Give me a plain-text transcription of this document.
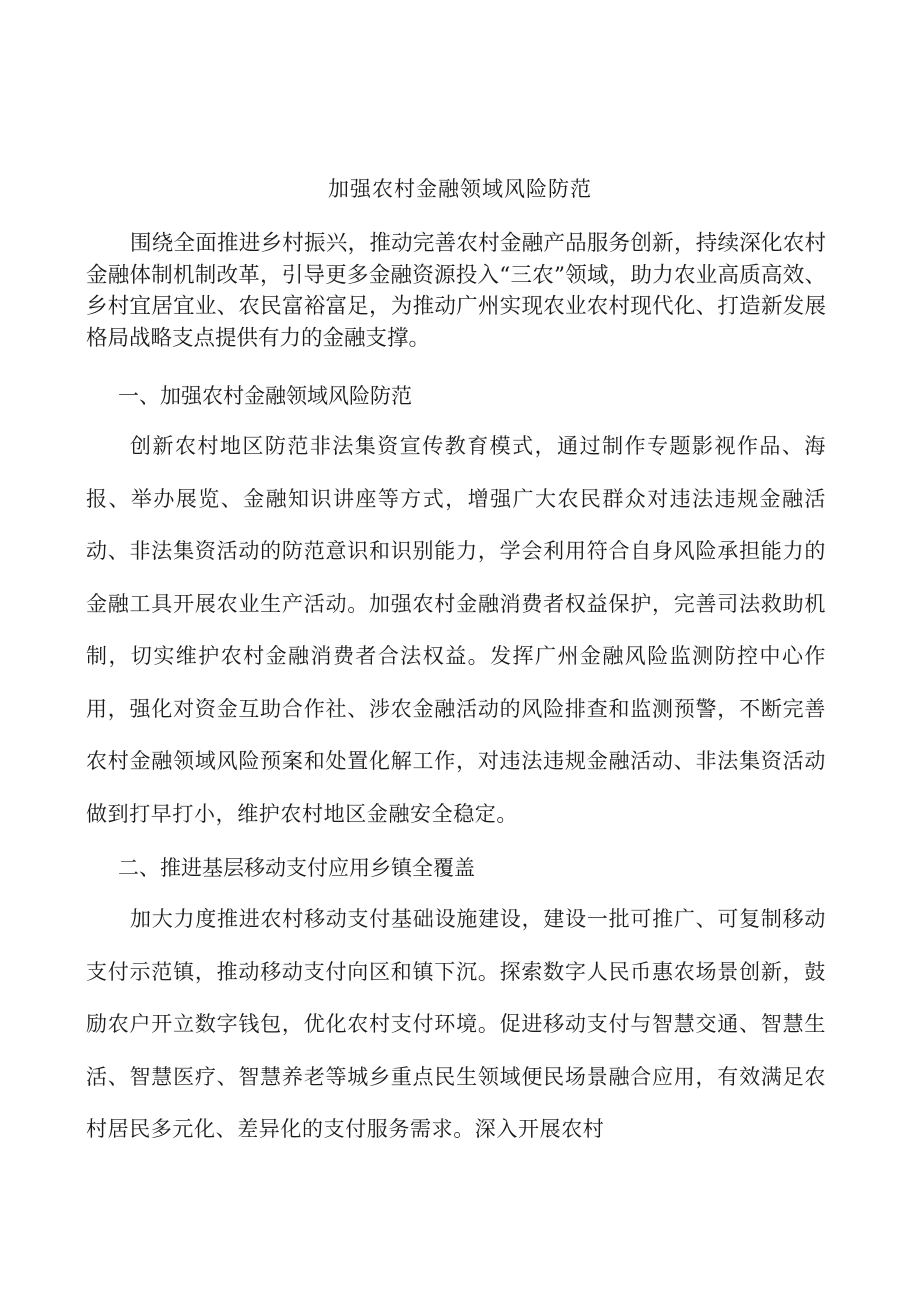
加强农村金融领域风险防范

围绕全面推进乡村振兴，推动完善农村金融产品服务创新，持续深化农村金融体制机制改革，引导更多金融资源投入“三农”领域，助力农业高质高效、乡村宜居宜业、农民富裕富足，为推动广州实现农业农村现代化、打造新发展格局战略支点提供有力的金融支撑。

一、加强农村金融领域风险防范

创新农村地区防范非法集资宣传教育模式，通过制作专题影视作品、海报、举办展览、金融知识讲座等方式，增强广大农民群众对违法违规金融活动、非法集资活动的防范意识和识别能力，学会利用符合自身风险承担能力的金融工具开展农业生产活动。加强农村金融消费者权益保护，完善司法救助机制，切实维护农村金融消费者合法权益。发挥广州金融风险监测防控中心作用，强化对资金互助合作社、涉农金融活动的风险排查和监测预警，不断完善农村金融领域风险预案和处置化解工作，对违法违规金融活动、非法集资活动做到打早打小，维护农村地区金融安全稳定。

二、推进基层移动支付应用乡镇全覆盖

加大力度推进农村移动支付基础设施建设，建设一批可推广、可复制移动支付示范镇，推动移动支付向区和镇下沉。探索数字人民币惠农场景创新，鼓励农户开立数字钱包，优化农村支付环境。促进移动支付与智慧交通、智慧生活、智慧医疗、智慧养老等城乡重点民生领域便民场景融合应用，有效满足农村居民多元化、差异化的支付服务需求。深入开展农村
